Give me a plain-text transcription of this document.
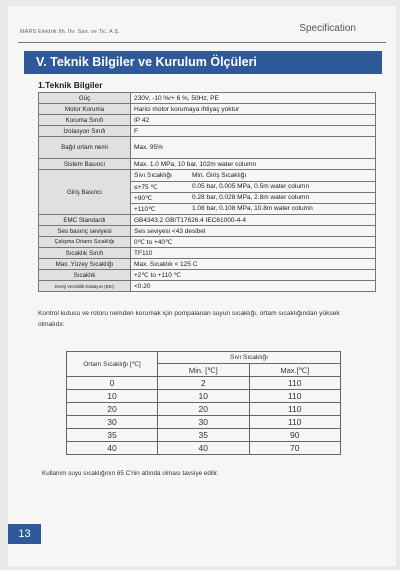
MARS Elektrik İth. İhr. San. ve Tic. A.Ş.	Specification
V. Teknik Bilgiler ve Kurulum Ölçüleri
1.Teknik Bilgiler
Güç	230V, -10 %/+ 6 %, 50Hz, PE
Motor Koruma	Harici motor korumaya ihtiyaç yoktur
Koruma Sınıfı	IP 42
İzolasyon Sınıfı	F
Bağıl ortam nemi	Max. 95%
Sistem Basıncı	Max. 1.0 MPa, 10 bar, 102m water column
Giriş Basıncı	
Sıvı Sıcaklığı	Min. Giriş Sıcaklığı
≤+75 ℃	0.05 bar, 0.005 MPa, 0.5m water column
+90℃	0.28 bar, 0.028 MPa, 2.8m water column
+110℃	1.08 bar, 0.108 MPa, 10.8m water column

EMC Standardı	GB4343.2 GB/T17626.4 IEC61000-4-4
Ses basınç seviyesi	Ses seviyesi <43 desibel
Çalışma Ortamı Sıcaklığı	0℃ to +40℃
Sıcaklık Sınıfı	TF110
Max. Yüzey Sıcaklığı	Max. Sıcaklık < 125 C
Sıcaklık	+2℃ to +110 ℃
Enerji Verimlilik Katsayısı (EEI)	<0.20
Kontrol kutusu ve rotoru nemden korumak için pompalanan suyun sıcaklığı, ortam sıcaklığından yüksek olmalıdır.
Ortam Sıcaklığı [℃]	Sıvı Sıcaklığı	
	Min. [℃]	Max.[℃]
0	2	110
10	10	110
20	20	110
30	30	110
35	35	90
40	40	70
Kullanım suyu sıcaklığının 65 C'nin altında olması tavsiye edilir.
13
